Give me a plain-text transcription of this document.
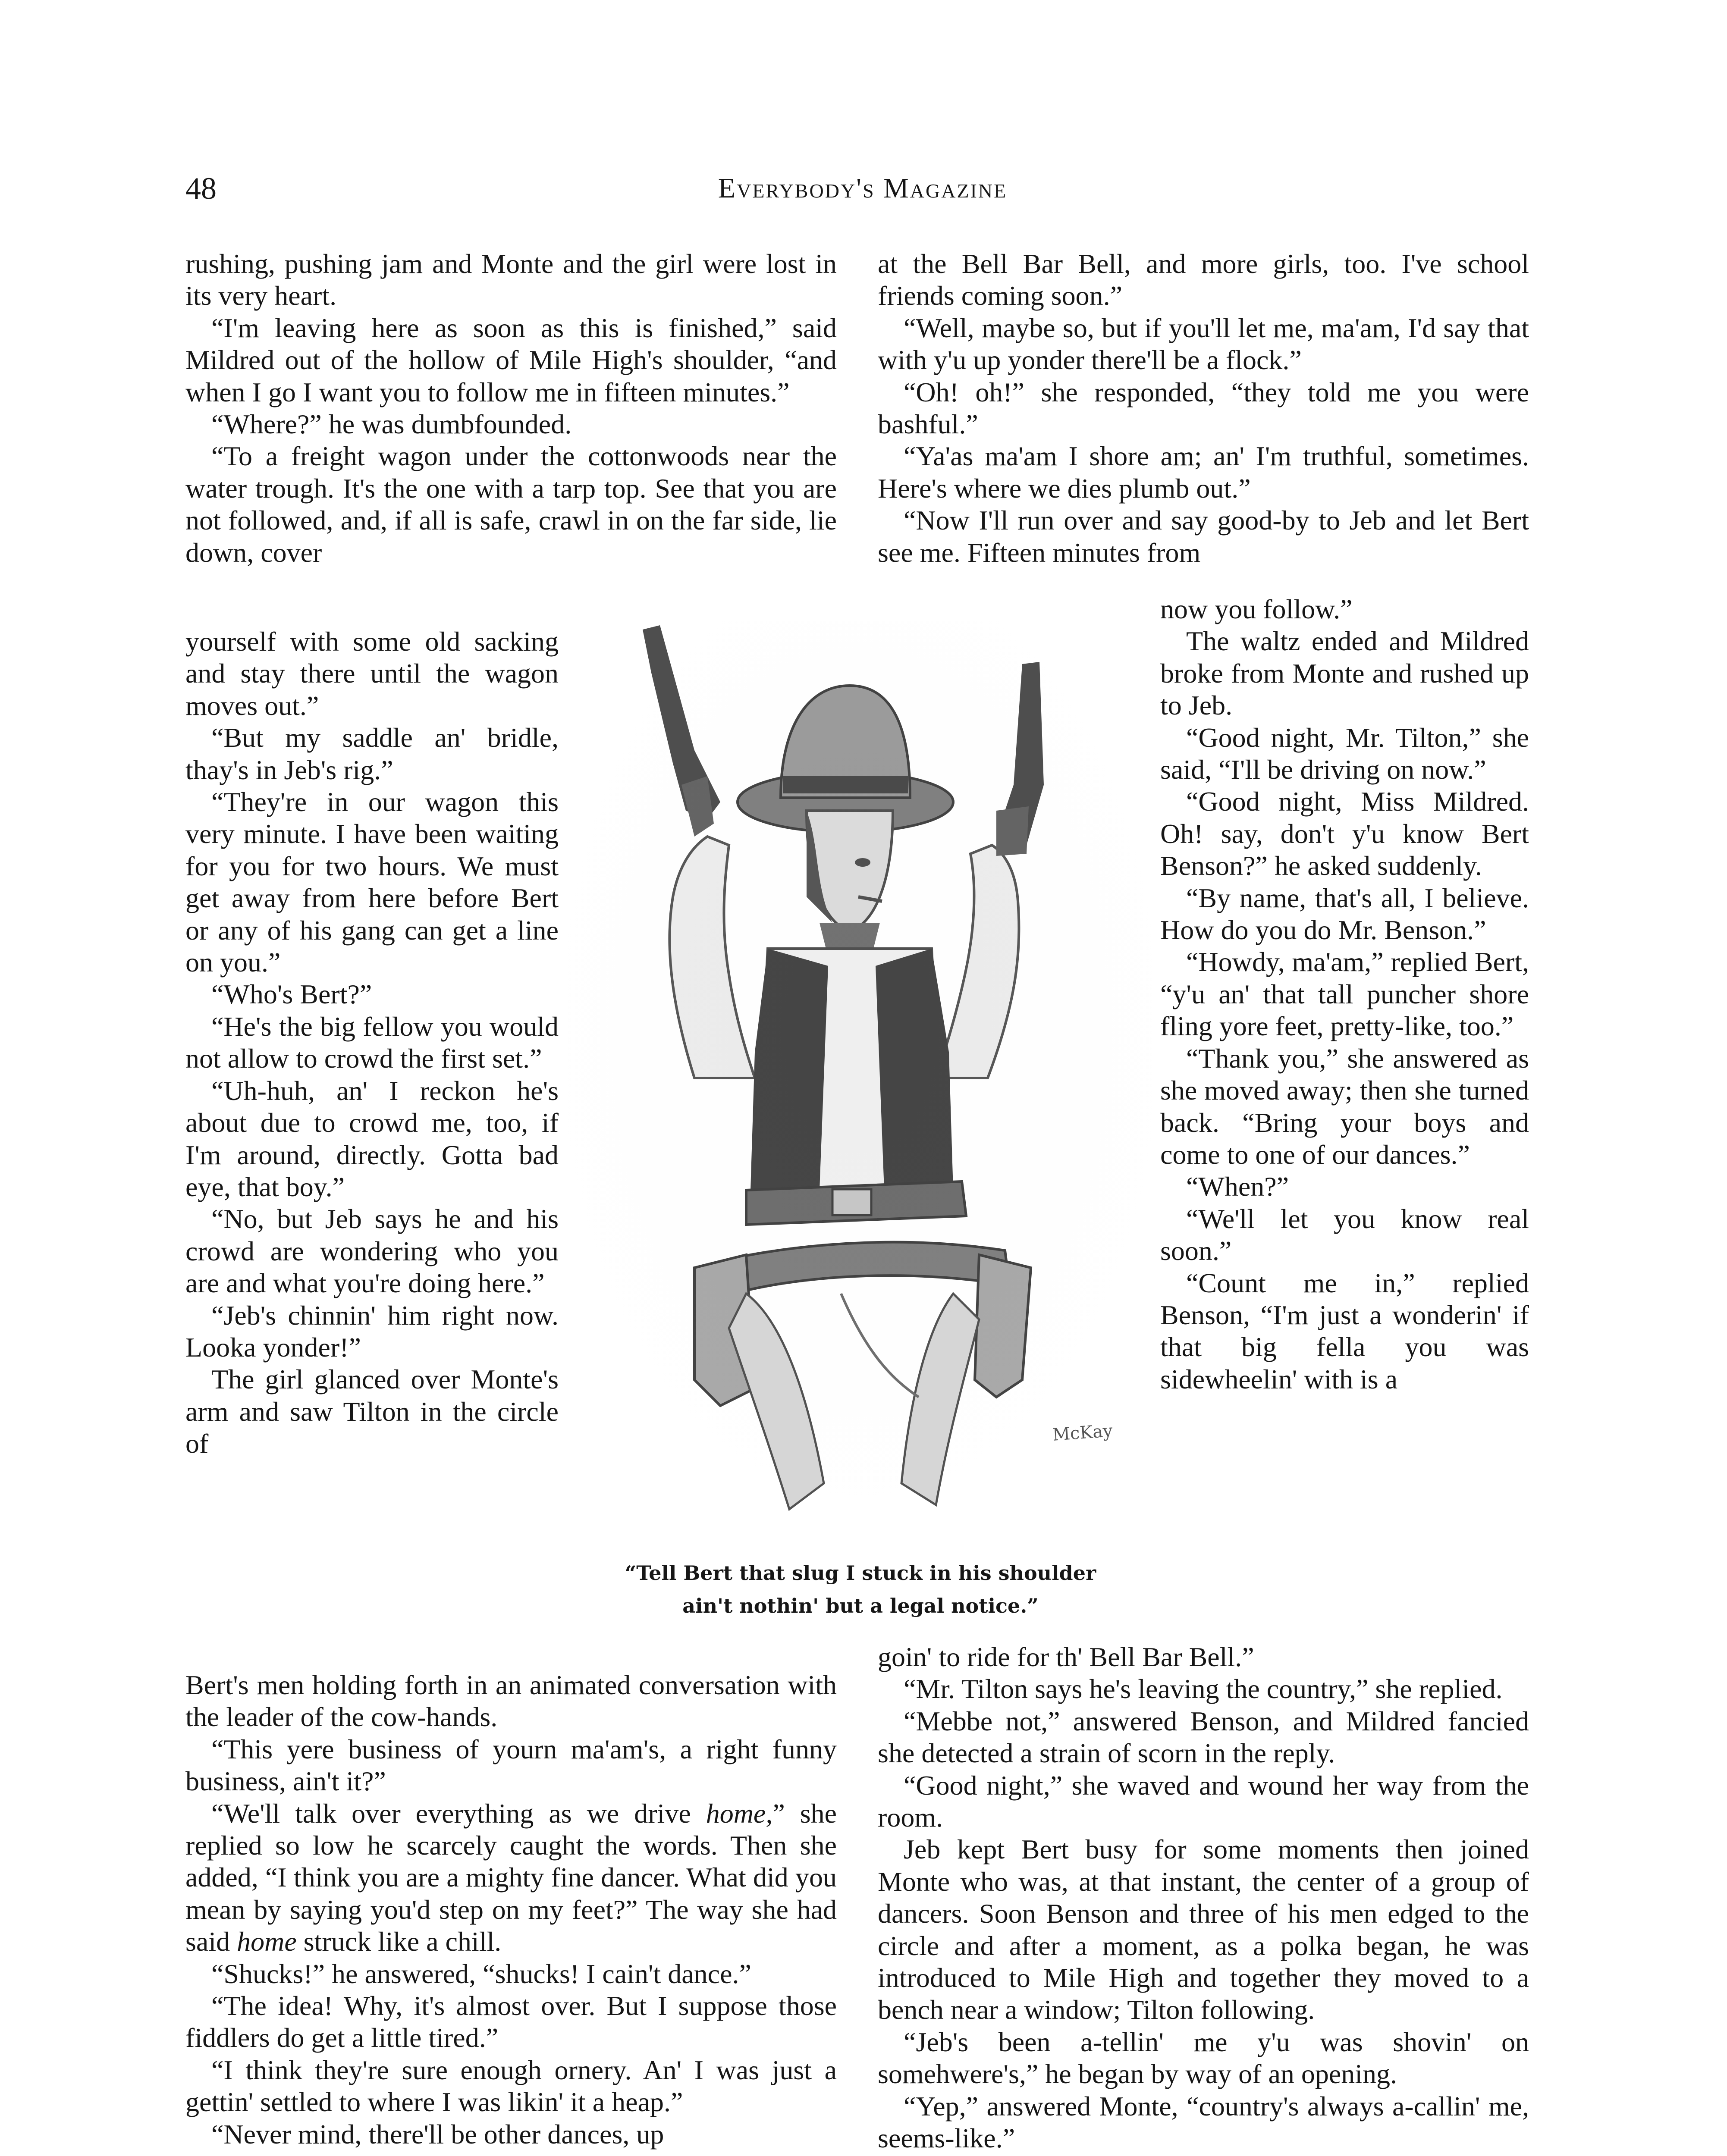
48	Everybody's Magazine

rushing, pushing jam and Monte and the girl were lost in its very heart.

“I'm leaving here as soon as this is finished,” said Mildred out of the hollow of Mile High's shoulder, “and when I go I want you to follow me in fifteen minutes.”

“Where?” he was dumbfounded.

“To a freight wagon under the cottonwoods near the water trough. It's the one with a tarp top. See that you are not followed, and, if all is safe, crawl in on the far side, lie down, cover

yourself with some old sacking and stay there until the wagon moves out.”

“But my saddle an' bridle, thay's in Jeb's rig.”

“They're in our wagon this very minute. I have been waiting for you for two hours. We must get away from here before Bert or any of his gang can get a line on you.”

“Who's Bert?”

“He's the big fellow you would not allow to crowd the first set.”

“Uh-huh, an' I reckon he's about due to crowd me, too, if I'm around, directly. Gotta bad eye, that boy.”

“No, but Jeb says he and his crowd are wondering who you are and what you're doing here.”

“Jeb's chinnin' him right now. Looka yonder!”

The girl glanced over Monte's arm and saw Tilton in the circle of

Bert's men holding forth in an animated conversation with the leader of the cow-hands.

“This yere business of yourn ma'am's, a right funny business, ain't it?”

“We'll talk over everything as we drive home,” she replied so low he scarcely caught the words. Then she added, “I think you are a mighty fine dancer. What did you mean by saying you'd step on my feet?” The way she had said home struck like a chill.

“Shucks!” he answered, “shucks! I cain't dance.”

“The idea! Why, it's almost over. But I suppose those fiddlers do get a little tired.”

“I think they're sure enough ornery. An' I was just a gettin' settled to where I was likin' it a heap.”

“Never mind, there'll be other dances, up

at the Bell Bar Bell, and more girls, too. I've school friends coming soon.”

“Well, maybe so, but if you'll let me, ma'am, I'd say that with y'u up yonder there'll be a flock.”

“Oh! oh!” she responded, “they told me you were bashful.”

“Ya'as ma'am I shore am; an' I'm truthful, sometimes. Here's where we dies plumb out.”

“Now I'll run over and say good-by to Jeb and let Bert see me. Fifteen minutes from

now you follow.”

The waltz ended and Mildred broke from Monte and rushed up to Jeb.

“Good night, Mr. Tilton,” she said, “I'll be driving on now.”

“Good night, Miss Mildred. Oh! say, don't y'u know Bert Benson?” he asked suddenly.

“By name, that's all, I believe. How do you do Mr. Benson.”

“Howdy, ma'am,” replied Bert, “y'u an' that tall puncher shore fling yore feet, pretty-like, too.”

“Thank you,” she answered as she moved away; then she turned back. “Bring your boys and come to one of our dances.”

“When?”

“We'll let you know real soon.”

“Count me in,” replied Benson, “I'm just a wonderin' if that big fella you was sidewheelin' with is a

goin' to ride for th' Bell Bar Bell.”

“Mr. Tilton says he's leaving the country,” she replied.

“Mebbe not,” answered Benson, and Mildred fancied she detected a strain of scorn in the reply.

“Good night,” she waved and wound her way from the room.

Jeb kept Bert busy for some moments then joined Monte who was, at that instant, the center of a group of dancers. Soon Benson and three of his men edged to the circle and after a moment, as a polka began, he was introduced to Mile High and together they moved to a bench near a window; Tilton following.

“Jeb's been a-tellin' me y'u was shovin' on somehwere's,” he began by way of an opening.

“Yep,” answered Monte, “country's always a-callin' me, seems-like.”

McKay
“Tell Bert that slug I stuck in his shoulder
ain't nothin' but a legal notice.”
